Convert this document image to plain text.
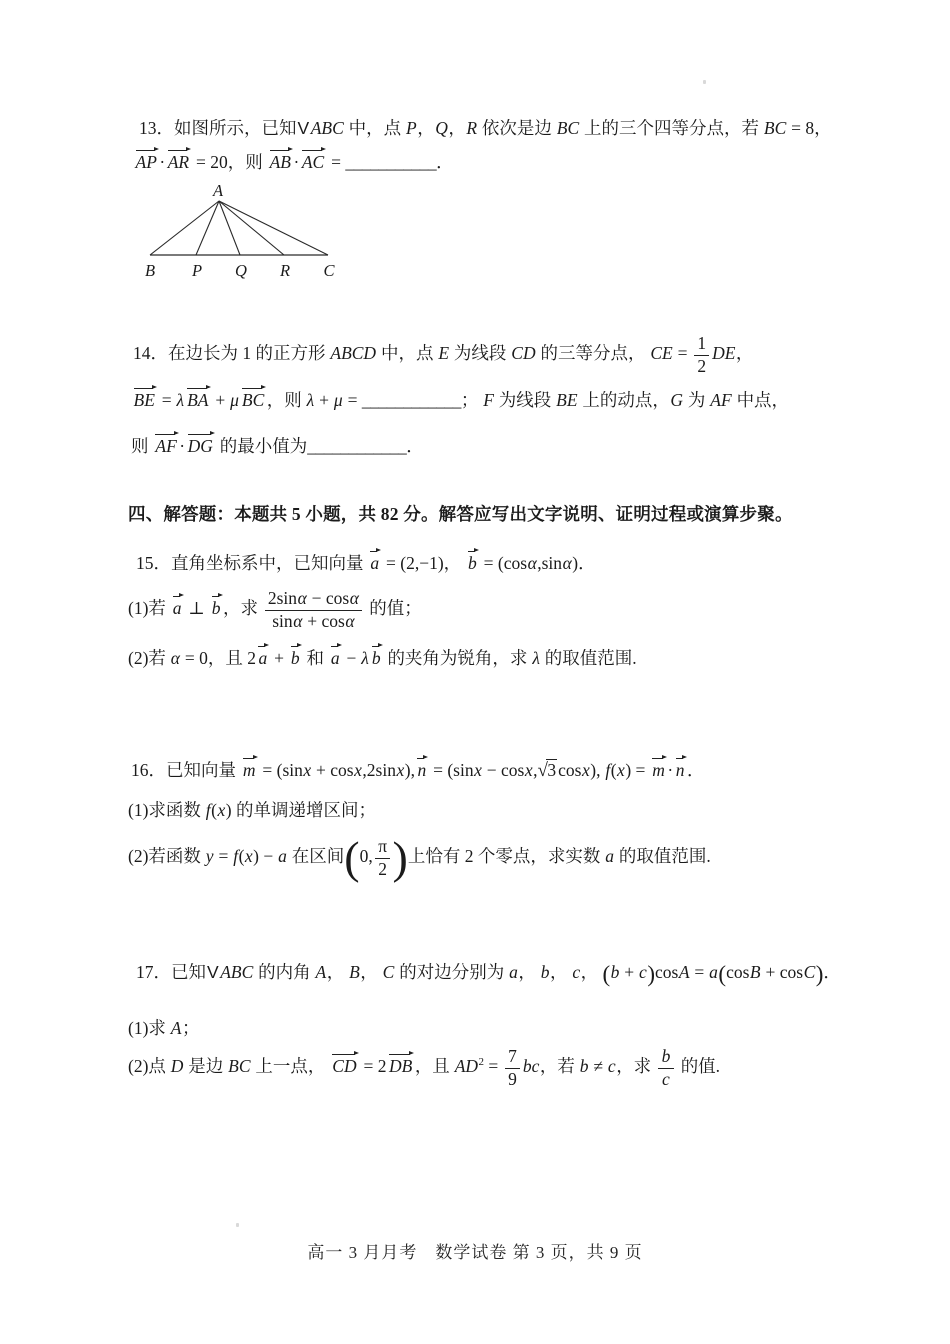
13．如图所示，已知VABC 中，点 P，Q，R 依次是边 BC 上的三个四等分点，若 BC = 8，
AP · AR = 20，则 AB · AC = ___________．
A
B P Q R C
14．在边长为 1 的正方形 ABCD 中，点 E 为线段 CD 的三等分点， CE = $\frac{1}{2}$ DE，
BE = λ BA + μ BC ，则 λ + μ = ____________； F 为线段 BE 上的动点，G 为 AF 中点，
则 AF · DG 的最小值为____________．
四、解答题：本题共 5 小题，共 82 分。解答应写出文字说明、证明过程或演算步聚。
15．直角坐标系中，已知向量 a = (2,−1)， b = (cosα,sinα)．
(1)若 a ⊥ b ，求 $\frac{2\sin\alpha - \cos\alpha}{\sin\alpha + \cos\alpha}$ 的值；
(2)若 α = 0，且 2 a + b 和 a − λ b 的夹角为锐角，求 λ 的取值范围.
16．已知向量 m = (sinx + cosx,2sinx), n = (sinx − cosx,√3 cosx), f(x) = m · n ．
(1)求函数 f(x) 的单调递增区间；
(2)若函数 y = f(x) − a 在区间(0, $\frac{\pi}{2}$ )上恰有 2 个零点，求实数 a 的取值范围.
17．已知VABC 的内角 A， B， C 的对边分别为 a， b， c， (b + c)cosA = a(cosB + cosC)．
(1)求 A；
(2)点 D 是边 BC 上一点， CD = 2 DB ，且 $AD^2 = \frac{7}{9}$ bc，若 b ≠ c，求 $\frac{b}{c}$ 的值.
高一 3 月月考　数学试卷 第 3 页，共 9 页
